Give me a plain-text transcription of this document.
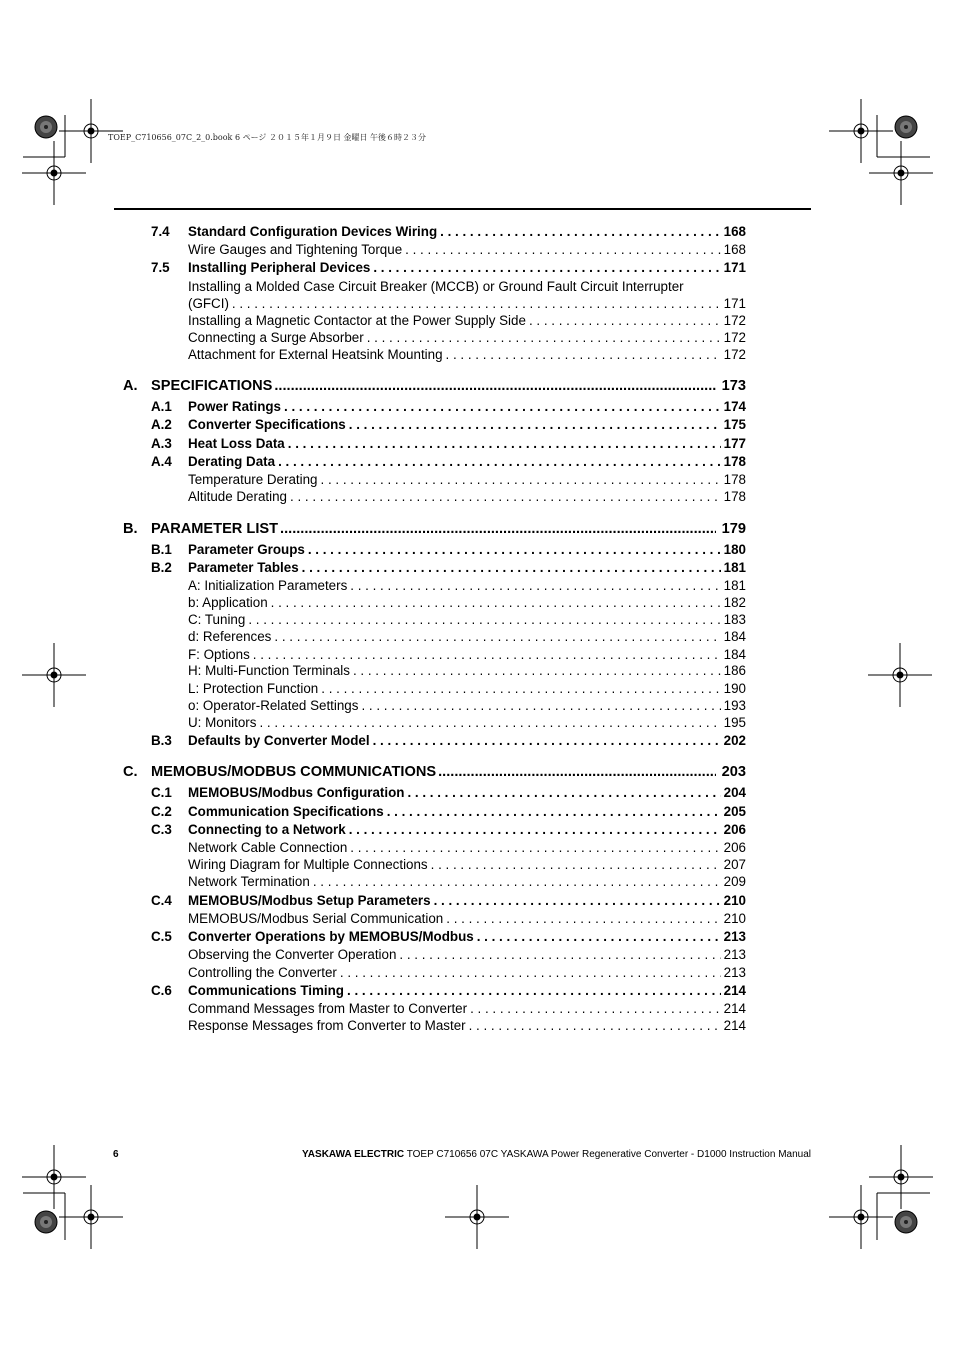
TOEP_C710656_07C_2_0.book 6 ページ ２０１５年１月９日 金曜日 午後６時２３分
7.4	Standard Configuration Devices Wiring . . .	168
Wire Gauges and Tightening Torque . . .	168
7.5	Installing Peripheral Devices . . .	171
Installing a Molded Case Circuit Breaker (MCCB) or Ground Fault Circuit Interrupter
(GFCI) . . .	171
Installing a Magnetic Contactor at the Power Supply Side . . .	172
Connecting a Surge Absorber . . .	172
Attachment for External Heatsink Mounting . . .	172
A. SPECIFICATIONS .....	173
A.1	Power Ratings . . .	174
A.2	Converter Specifications . . .	175
A.3	Heat Loss Data . . .	177
A.4	Derating Data . . .	178
Temperature Derating . . .	178
Altitude Derating . . .	178
B. PARAMETER LIST .....	179
B.1	Parameter Groups . . .	180
B.2	Parameter Tables . . .	181
A: Initialization Parameters . . .	181
b: Application . . .	182
C: Tuning . . .	183
d: References . . .	184
F: Options . . .	184
H: Multi-Function Terminals . . .	186
L: Protection Function . . .	190
o: Operator-Related Settings . . .	193
U: Monitors . . .	195
B.3	Defaults by Converter Model . . .	202
C. MEMOBUS/MODBUS COMMUNICATIONS .....	203
C.1	MEMOBUS/Modbus Configuration . . .	204
C.2	Communication Specifications . . .	205
C.3	Connecting to a Network . . .	206
Network Cable Connection . . .	206
Wiring Diagram for Multiple Connections . . .	207
Network Termination . . .	209
C.4	MEMOBUS/Modbus Setup Parameters . . .	210
MEMOBUS/Modbus Serial Communication . . .	210
C.5	Converter Operations by MEMOBUS/Modbus . . .	213
Observing the Converter Operation . . .	213
Controlling the Converter . . .	213
C.6	Communications Timing . . .	214
Command Messages from Master to Converter . . .	214
Response Messages from Converter to Master . . .	214
6	YASKAWA ELECTRIC TOEP C710656 07C YASKAWA Power Regenerative Converter - D1000 Instruction Manual
